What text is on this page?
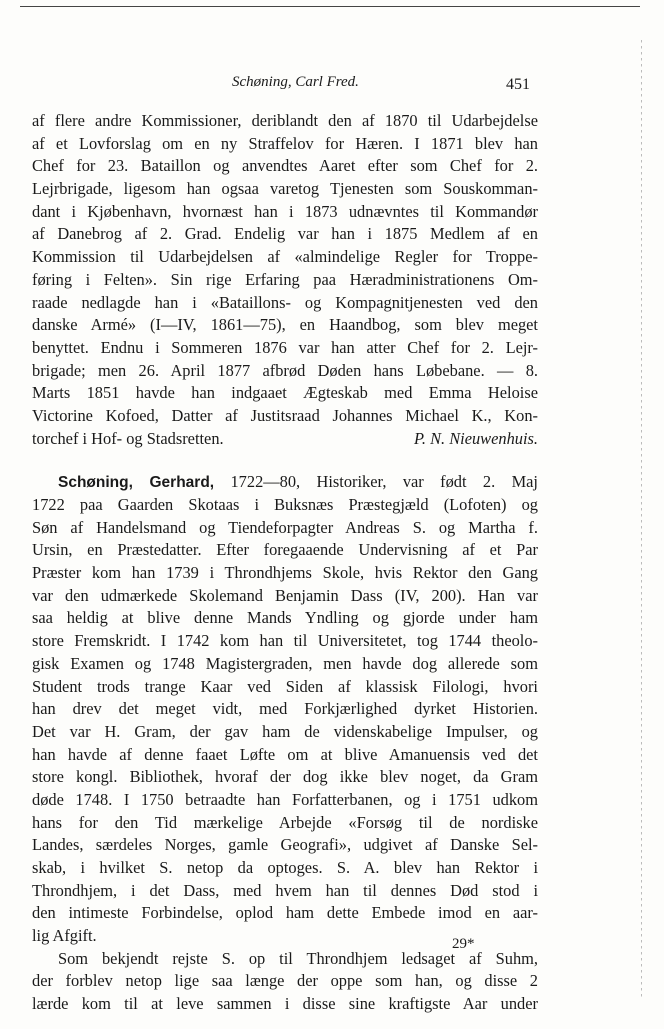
Schøning, Carl Fred.	451
af flere andre Kommissioner, deriblandt den af 1870 til Udarbejdelse
af et Lovforslag om en ny Straffelov for Hæren. I 1871 blev han
Chef for 23. Bataillon og anvendtes Aaret efter som Chef for 2.
Lejrbrigade, ligesom han ogsaa varetog Tjenesten som Souskomman-
dant i Kjøbenhavn, hvornæst han i 1873 udnævntes til Kommandør
af Danebrog af 2. Grad. Endelig var han i 1875 Medlem af en
Kommission til Udarbejdelsen af «almindelige Regler for Troppe-
føring i Felten». Sin rige Erfaring paa Hæradministrationens Om-
raade nedlagde han i «Bataillons- og Kompagnitjenesten ved den
danske Armé» (I—IV, 1861—75), en Haandbog, som blev meget
benyttet. Endnu i Sommeren 1876 var han atter Chef for 2. Lejr-
brigade; men 26. April 1877 afbrød Døden hans Løbebane. — 8.
Marts 1851 havde han indgaaet Ægteskab med Emma Heloise
Victorine Kofoed, Datter af Justitsraad Johannes Michael K., Kon-
torchef i Hof- og Stadsretten.	P. N. Nieuwenhuis.
Schøning, Gerhard, 1722—80, Historiker, var født 2. Maj
1722 paa Gaarden Skotaas i Buksnæs Præstegjæld (Lofoten) og
Søn af Handelsmand og Tiendeforpagter Andreas S. og Martha f.
Ursin, en Præstedatter. Efter foregaaende Undervisning af et Par
Præster kom han 1739 i Throndhjems Skole, hvis Rektor den Gang
var den udmærkede Skolemand Benjamin Dass (IV, 200). Han var
saa heldig at blive denne Mands Yndling og gjorde under ham
store Fremskridt. I 1742 kom han til Universitetet, tog 1744 theolo-
gisk Examen og 1748 Magistergraden, men havde dog allerede som
Student trods trange Kaar ved Siden af klassisk Filologi, hvori
han drev det meget vidt, med Forkjærlighed dyrket Historien.
Det var H. Gram, der gav ham de videnskabelige Impulser, og
han havde af denne faaet Løfte om at blive Amanuensis ved det
store kongl. Bibliothek, hvoraf der dog ikke blev noget, da Gram
døde 1748. I 1750 betraadte han Forfatterbanen, og i 1751 udkom
hans for den Tid mærkelige Arbejde «Forsøg til de nordiske
Landes, særdeles Norges, gamle Geografi», udgivet af Danske Sel-
skab, i hvilket S. netop da optoges. S. A. blev han Rektor i
Throndhjem, i det Dass, med hvem han til dennes Død stod i
den intimeste Forbindelse, oplod ham dette Embede imod en aar-
lig Afgift.
Som bekjendt rejste S. op til Throndhjem ledsaget af Suhm,
der forblev netop lige saa længe der oppe som han, og disse 2
lærde kom til at leve sammen i disse sine kraftigste Aar under
29*
